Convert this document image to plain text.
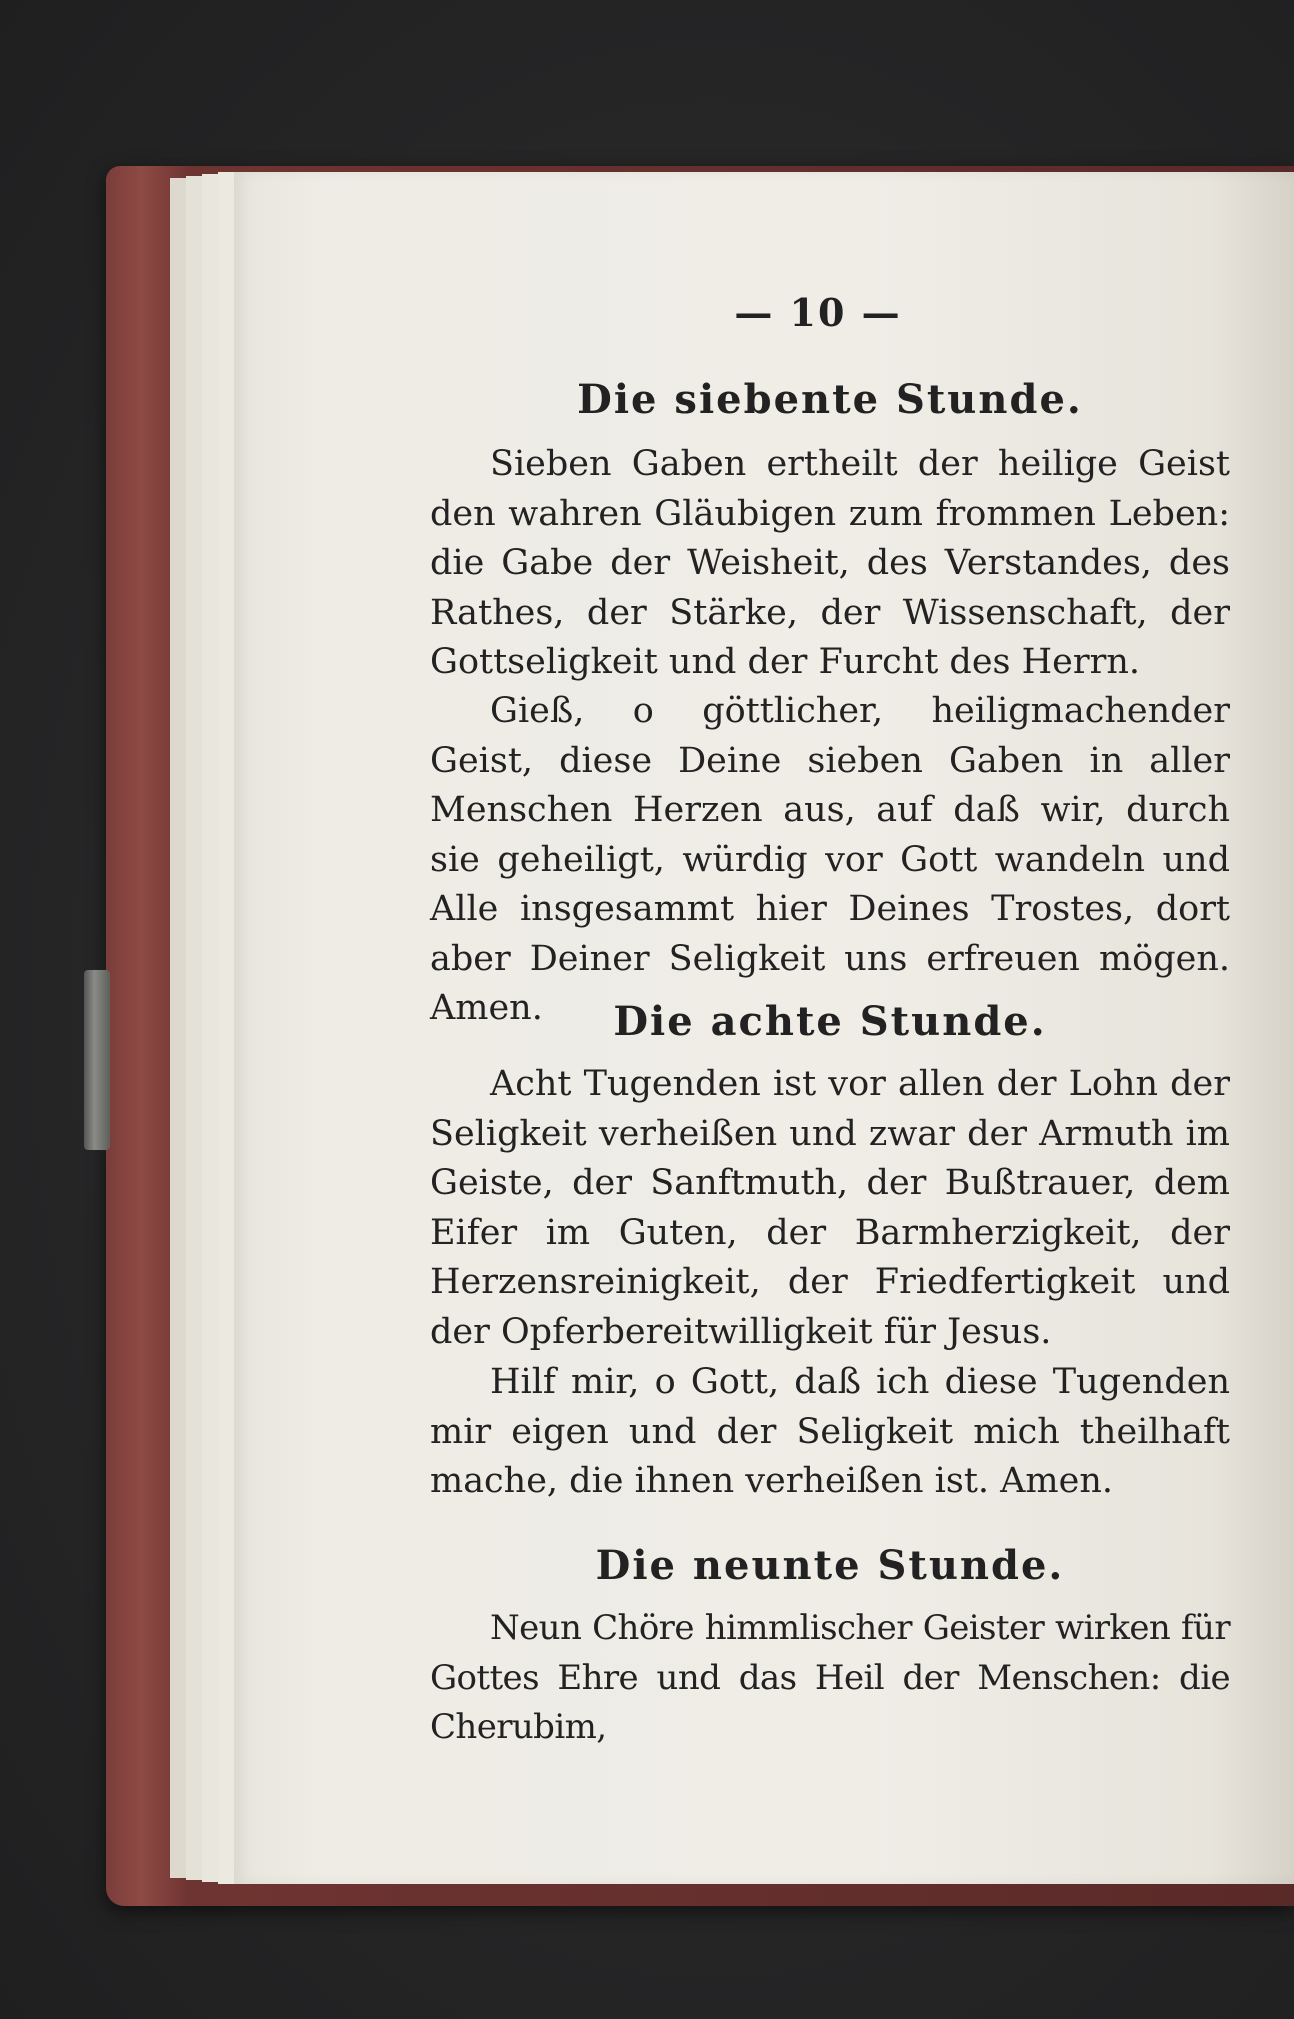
— 10 —
Die siebente Stunde.

Sieben Gaben ertheilt der heilige Geist den wahren Gläubigen zum frommen Leben: die Gabe der Weisheit, des Verstandes, des Rathes, der Stärke, der Wissenschaft, der Gottseligkeit und der Furcht des Herrn.

Gieß, o göttlicher, heiligmachender Geist, diese Deine sieben Gaben in aller Menschen Herzen aus, auf daß wir, durch sie geheiligt, würdig vor Gott wandeln und Alle insgesammt hier Deines Trostes, dort aber Deiner Seligkeit uns erfreuen mögen. Amen.	Die achte Stunde.

Acht Tugenden ist vor allen der Lohn der Seligkeit verheißen und zwar der Armuth im Geiste, der Sanftmuth, der Bußtrauer, dem Eifer im Guten, der Barmherzigkeit, der Herzensreinigkeit, der Friedfertigkeit und der Opferbereitwilligkeit für Jesus.

Hilf mir, o Gott, daß ich diese Tugenden mir eigen und der Seligkeit mich theilhaft mache, die ihnen verheißen ist. Amen.

Die neunte Stunde.

Neun Chöre himmlischer Geister wirken für Gottes Ehre und das Heil der Menschen: die Cherubim,
